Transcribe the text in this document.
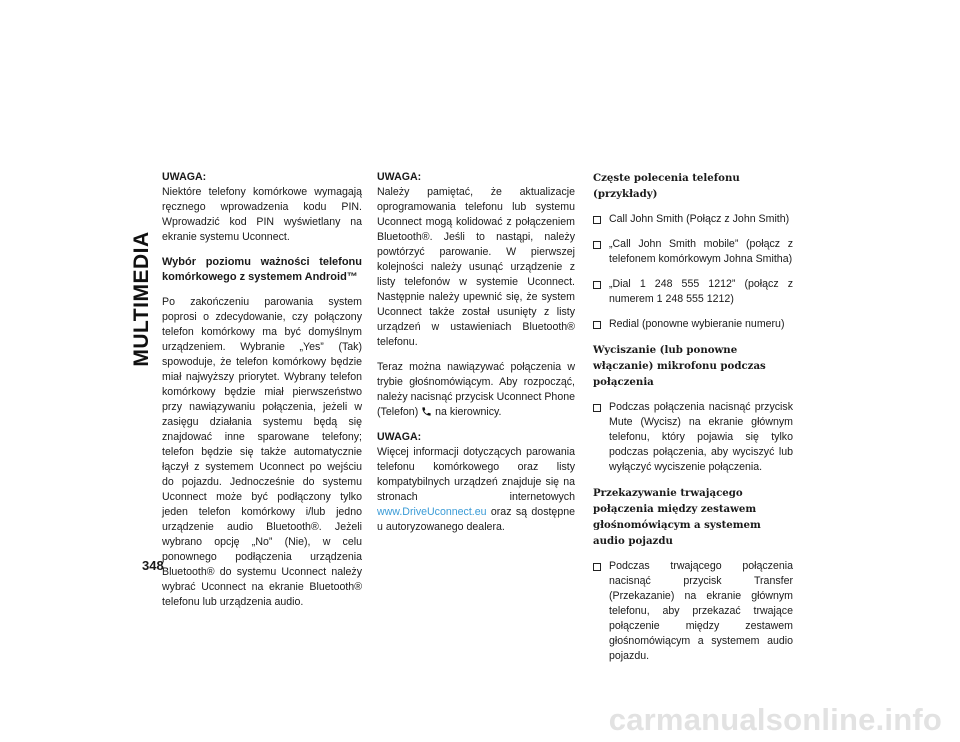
MULTIMEDIA
UWAGA:

Niektóre telefony komórkowe wymagają ręcznego wprowadzenia kodu PIN. Wprowadzić kod PIN wyświetlany na ekranie systemu Uconnect.

Wybór poziomu ważności telefonu komórkowego z systemem Android™

Po zakończeniu parowania system poprosi o zdecydowanie, czy połączony telefon komórkowy ma być domyślnym urządzeniem. Wybranie „Yes” (Tak) spowoduje, że telefon komórkowy będzie miał najwyższy priorytet. Wybrany telefon komórkowy będzie miał pierwszeństwo przy nawiązywaniu połączenia, jeżeli w zasięgu działania systemu będą się znajdować inne sparowane telefony; telefon będzie się także automatycznie łączył z systemem Uconnect po wejściu do pojazdu. Jednocześnie do systemu Uconnect może być podłączony tylko jeden telefon komórkowy i/lub jedno urządzenie audio Bluetooth®. Jeżeli wybrano opcję „No” (Nie), w celu ponownego podłączenia urządzenia Bluetooth® do systemu Uconnect należy wybrać Uconnect na ekranie Bluetooth® telefonu lub urządzenia audio.

UWAGA:

Należy pamiętać, że aktualizacje oprogramowania telefonu lub systemu Uconnect mogą kolidować z połączeniem Bluetooth®. Jeśli to nastąpi, należy powtórzyć parowanie. W pierwszej kolejności należy usunąć urządzenie z listy telefonów w systemie Uconnect. Następnie należy upewnić się, że system Uconnect także został usunięty z listy urządzeń w ustawieniach Bluetooth® telefonu.

Teraz można nawiązywać połączenia w trybie głośnomówiącym. Aby rozpocząć, należy nacisnąć przycisk Uconnect Phone (Telefon) na kierownicy.

UWAGA:

Więcej informacji dotyczących parowania telefonu komórkowego oraz listy kompatybilnych urządzeń znajduje się na stronach internetowych www.DriveUconnect.eu oraz są dostępne u autoryzowanego dealera.

Częste polecenia telefonu (przykłady)
Call John Smith (Połącz z John Smith)
„Call John Smith mobile” (połącz z telefonem komórkowym Johna Smitha)
„Dial 1 248 555 1212” (połącz z numerem 1 248 555 1212)
Redial (ponowne wybieranie numeru)
Wyciszanie (lub ponowne włączanie) mikrofonu podczas połączenia
Podczas połączenia nacisnąć przycisk Mute (Wycisz) na ekranie głównym telefonu, który pojawia się tylko podczas połączenia, aby wyciszyć lub wyłączyć wyciszenie połączenia.
Przekazywanie trwającego połączenia między zestawem głośnomówiącym a systemem audio pojazdu
Podczas trwającego połączenia nacisnąć przycisk Transfer (Przekazanie) na ekranie głównym telefonu, aby przekazać trwające połączenie między zestawem głośnomówiącym a systemem audio pojazdu.
348
carmanualsonline.info
